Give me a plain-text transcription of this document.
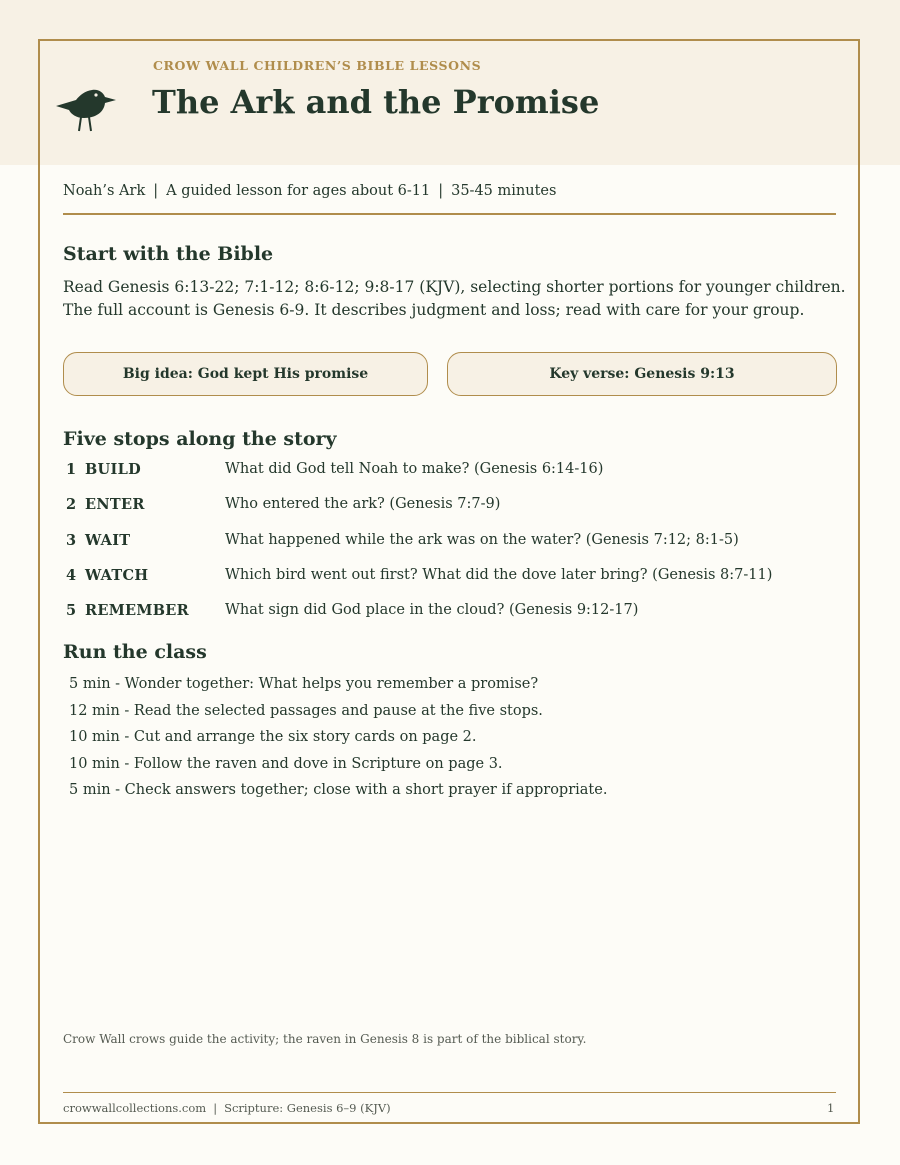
CROW WALL CHILDREN’S BIBLE LESSONS
The Ark and the Promise
Noah’s Ark | A guided lesson for ages about 6-11 | 35-45 minutes
Start with the Bible

Read Genesis 6:13-22; 7:1-12; 8:6-12; 9:8-17 (KJV), selecting shorter portions for younger children.

The full account is Genesis 6-9. It describes judgment and loss; read with care for your group.

Big idea: God kept His promise	Key verse: Genesis 9:13
Five stops along the story
1 BUILD	What did God tell Noah to make? (Genesis 6:14-16)
2 ENTER	Who entered the ark? (Genesis 7:7-9)
3 WAIT	What happened while the ark was on the water? (Genesis 7:12; 8:1-5)
4 WATCH	Which bird went out first? What did the dove later bring? (Genesis 8:7-11)
5 REMEMBER What sign did God place in the cloud? (Genesis 9:12-17)
Run the class
5 min - Wonder together: What helps you remember a promise?
12 min - Read the selected passages and pause at the five stops.
10 min - Cut and arrange the six story cards on page 2.
10 min - Follow the raven and dove in Scripture on page 3.
5 min - Check answers together; close with a short prayer if appropriate.
Crow Wall crows guide the activity; the raven in Genesis 8 is part of the biblical story.
crowwallcollections.com | Scripture: Genesis 6–9 (KJV)	1
